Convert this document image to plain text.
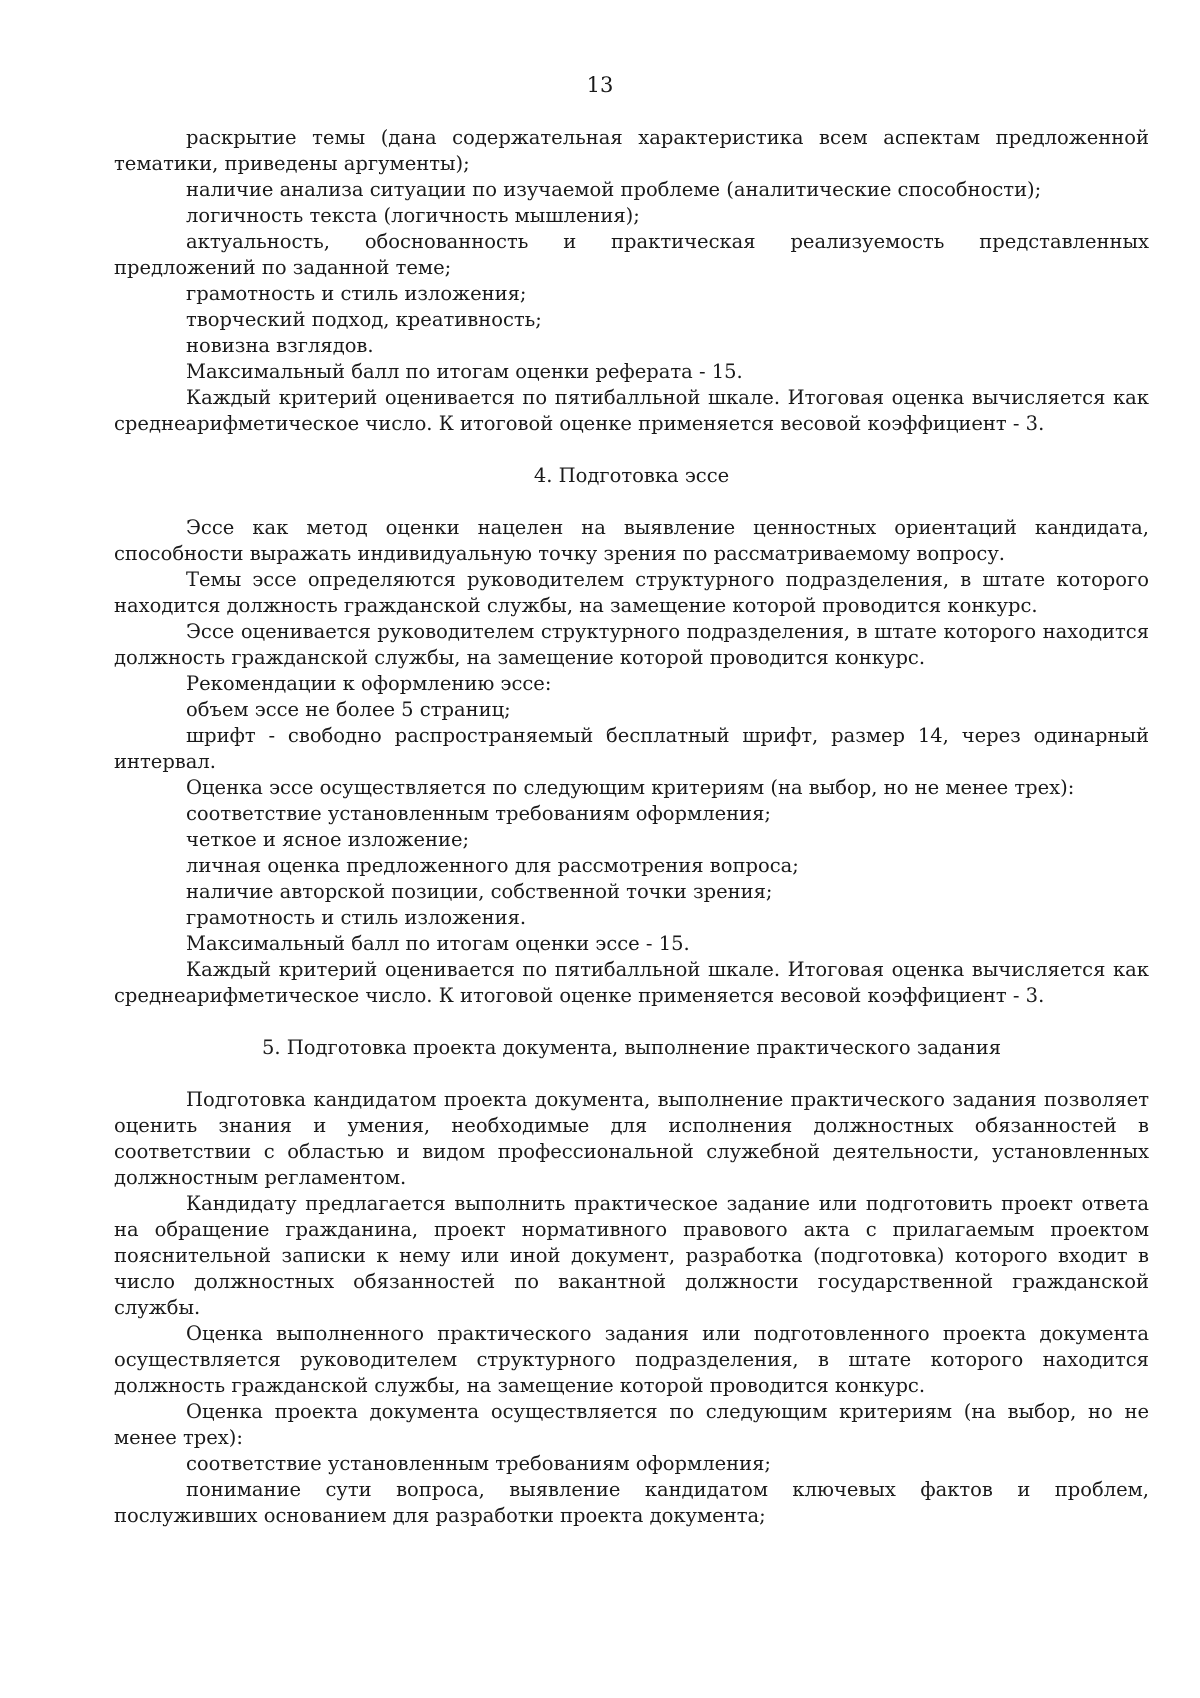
13

раскрытие темы (дана содержательная характеристика всем аспектам предложенной тематики, приведены аргументы);

наличие анализа ситуации по изучаемой проблеме (аналитические способности);

логичность текста (логичность мышления);

актуальность, обоснованность и практическая реализуемость представленных предложений по заданной теме;

грамотность и стиль изложения;

творческий подход, креативность;

новизна взглядов.

Максимальный балл по итогам оценки реферата - 15.

Каждый критерий оценивается по пятибалльной шкале. Итоговая оценка вычисляется как среднеарифметическое число. К итоговой оценке применяется весовой коэффициент - 3.

4. Подготовка эссе

Эссе как метод оценки нацелен на выявление ценностных ориентаций кандидата, способности выражать индивидуальную точку зрения по рассматриваемому вопросу.

Темы эссе определяются руководителем структурного подразделения, в штате которого находится должность гражданской службы, на замещение которой проводится конкурс.

Эссе оценивается руководителем структурного подразделения, в штате которого находится должность гражданской службы, на замещение которой проводится конкурс.

Рекомендации к оформлению эссе:

объем эссе не более 5 страниц;

шрифт - свободно распространяемый бесплатный шрифт, размер 14, через одинарный интервал.

Оценка эссе осуществляется по следующим критериям (на выбор, но не менее трех):

соответствие установленным требованиям оформления;

четкое и ясное изложение;

личная оценка предложенного для рассмотрения вопроса;

наличие авторской позиции, собственной точки зрения;

грамотность и стиль изложения.

Максимальный балл по итогам оценки эссе - 15.

Каждый критерий оценивается по пятибалльной шкале. Итоговая оценка вычисляется как среднеарифметическое число. К итоговой оценке применяется весовой коэффициент - 3.

5. Подготовка проекта документа, выполнение практического задания

Подготовка кандидатом проекта документа, выполнение практического задания позволяет оценить знания и умения, необходимые для исполнения должностных обязанностей в соответствии с областью и видом профессиональной служебной деятельности, установленных должностным регламентом.

Кандидату предлагается выполнить практическое задание или подготовить проект ответа на обращение гражданина, проект нормативного правового акта с прилагаемым проектом пояснительной записки к нему или иной документ, разработка (подготовка) которого входит в число должностных обязанностей по вакантной должности государственной гражданской службы.

Оценка выполненного практического задания или подготовленного проекта документа осуществляется руководителем структурного подразделения, в штате которого находится должность гражданской службы, на замещение которой проводится конкурс.

Оценка проекта документа осуществляется по следующим критериям (на выбор, но не менее трех):

соответствие установленным требованиям оформления;

понимание сути вопроса, выявление кандидатом ключевых фактов и проблем, послуживших основанием для разработки проекта документа;
